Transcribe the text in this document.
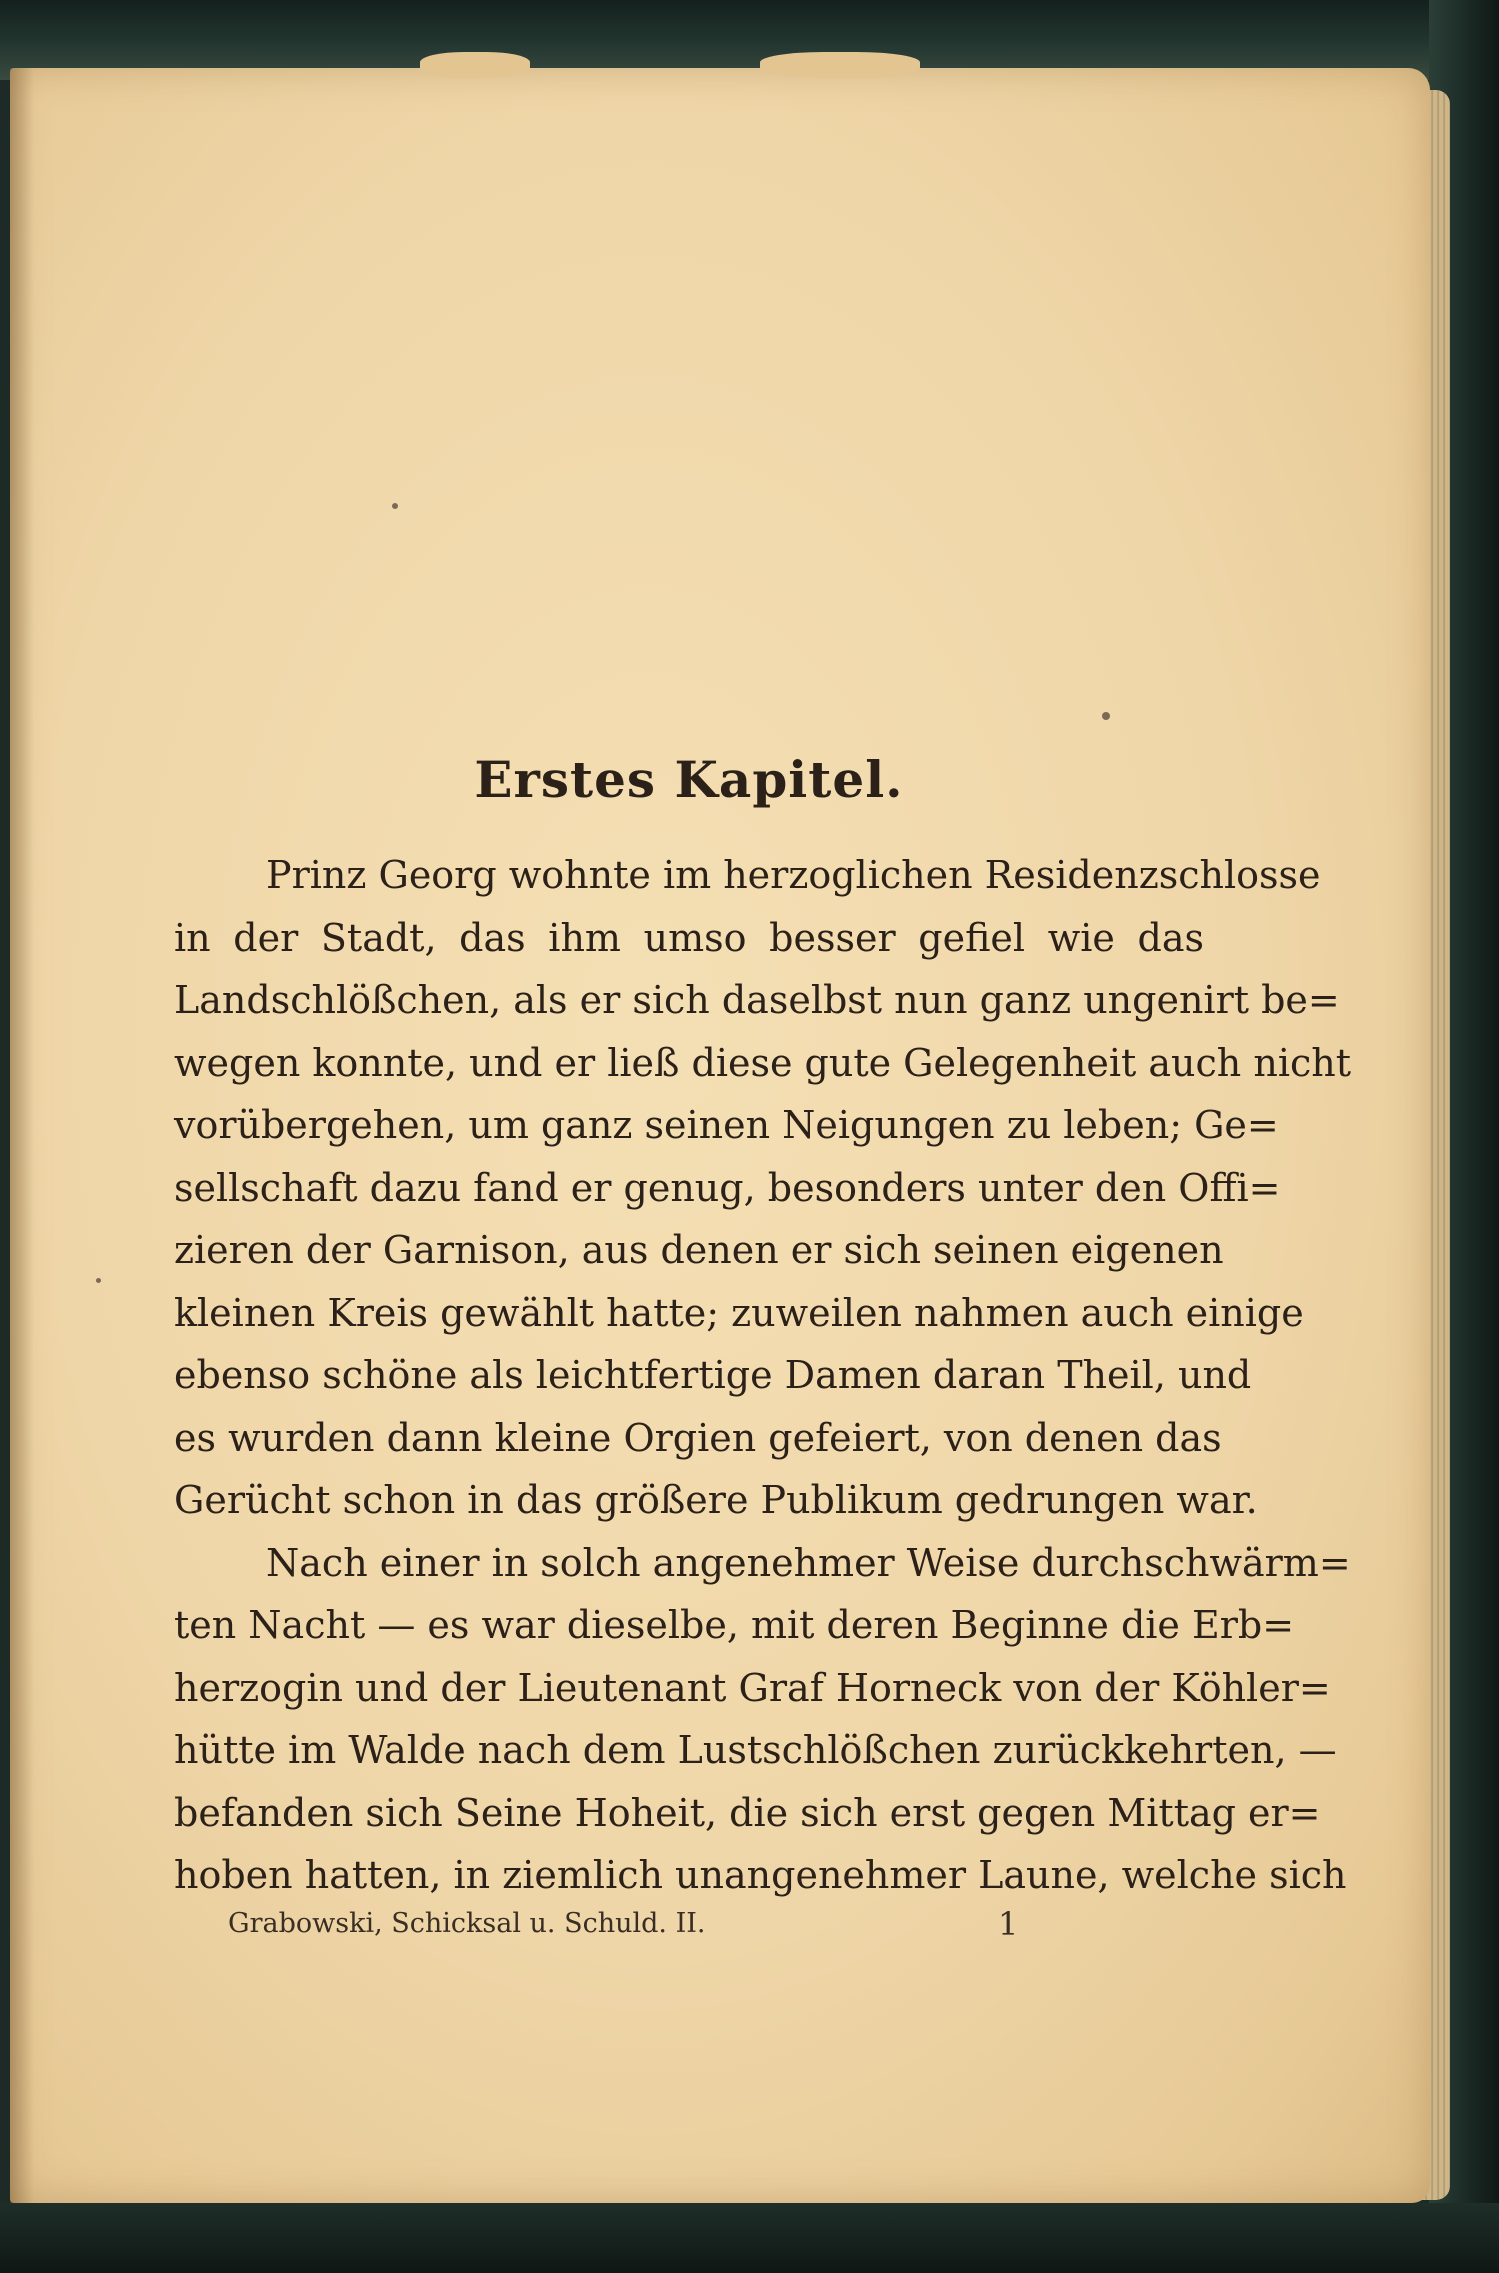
Erstes Kapitel.
Prinz Georg wohnte im herzoglichen Residenzschlosse
in der Stadt, das ihm umso besser gefiel wie das
Landschlößchen, als er sich daselbst nun ganz ungenirt be=
wegen konnte, und er ließ diese gute Gelegenheit auch nicht
vorübergehen, um ganz seinen Neigungen zu leben; Ge=
sellschaft dazu fand er genug, besonders unter den Offi=
zieren der Garnison, aus denen er sich seinen eigenen
kleinen Kreis gewählt hatte; zuweilen nahmen auch einige
ebenso schöne als leichtfertige Damen daran Theil, und
es wurden dann kleine Orgien gefeiert, von denen das
Gerücht schon in das größere Publikum gedrungen war.
Nach einer in solch angenehmer Weise durchschwärm=
ten Nacht — es war dieselbe, mit deren Beginne die Erb=
herzogin und der Lieutenant Graf Horneck von der Köhler=
hütte im Walde nach dem Lustschlößchen zurückkehrten, —
befanden sich Seine Hoheit, die sich erst gegen Mittag er=
hoben hatten, in ziemlich unangenehmer Laune, welche sich
Grabowski, Schicksal u. Schuld. II.	1
